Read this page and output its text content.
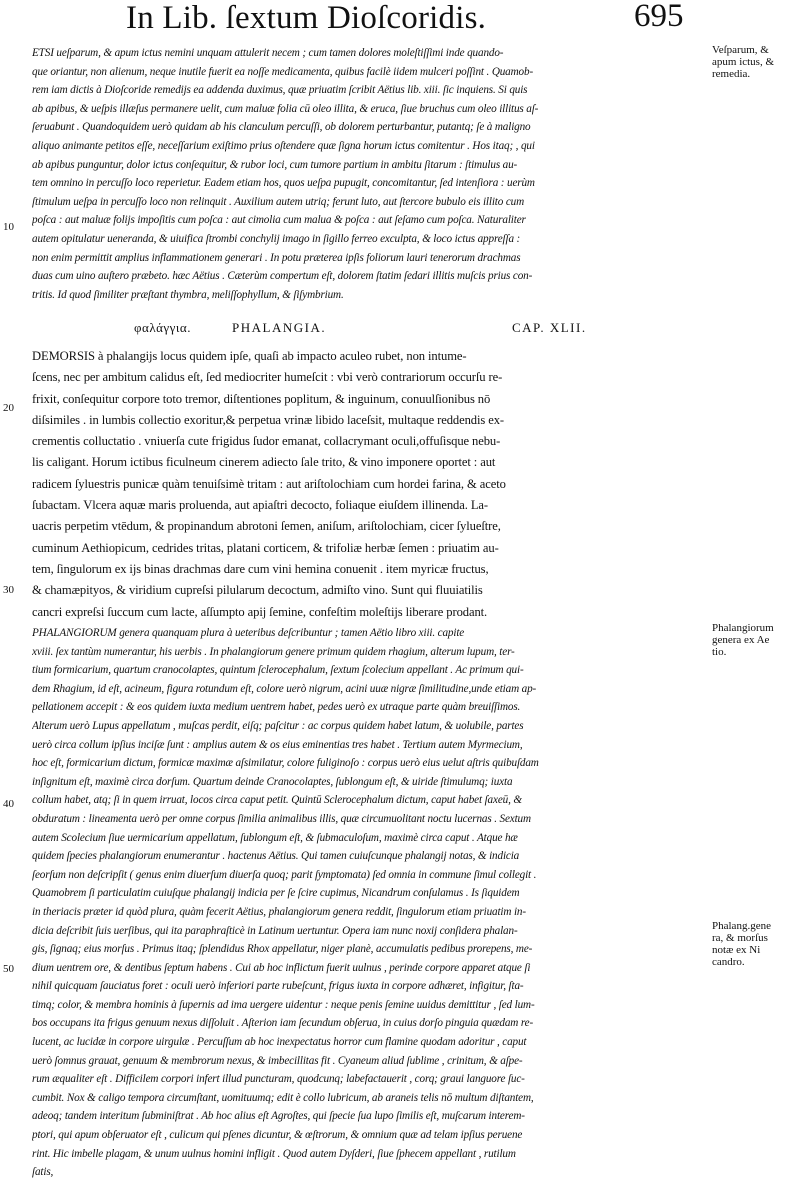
In Lib. ſextum Dioſcoridis.	695
Veſparum, &
apum ictus, &
remedia.
Phalangiorum
genera ex Ae
tio.
Phalang.gene
ra, & morſus
notæ ex Ni
candro.
10
20
30
40
50
ETSI ueſparum, & apum ictus nemini unquam attulerit necem ; cum tamen dolores moleſtiſſimi inde quando-
que oriantur, non alienum, neque inutile fuerit ea noſſe medicamenta, quibus facilè iidem mulceri poſſint . Quamob-
rem iam dictis à Dioſcoride remedijs ea addenda duximus, quæ priuatim ſcribit Aëtius lib. xiii. ſic inquiens. Si quis
ab apibus, & ueſpis illæſus permanere uelit, cum maluæ folia cū oleo illita, & eruca, ſiue bruchus cum oleo illitus aſ-
ſeruabunt . Quandoquidem uerò quidam ab his clanculum percuſſi, ob dolorem perturbantur, putantq; ſe à maligno
aliquo animante petitos eſſe, neceſſarium exiſtimo prius oſtendere quæ ſigna horum ictus comitentur . Hos itaq; , qui
ab apibus punguntur, dolor ictus conſequitur, & rubor loci, cum tumore partium in ambitu ſitarum : ſtimulus au-
tem omnino in percuſſo loco reperietur. Eadem etiam hos, quos ueſpa pupugit, concomitantur, ſed intenſiora : uerùm
ſtimulum ueſpa in percuſſo loco non relinquit . Auxilium autem utriq; ferunt luto, aut ſtercore bubulo eis illito cum
poſca : aut maluæ folijs impoſitis cum poſca : aut cimolia cum malua & poſca : aut ſeſamo cum poſca. Naturaliter
autem opitulatur ueneranda, & uiuifica ſtrombi conchylij imago in ſigillo ferreo exculpta, & loco ictus appreſſa :
non enim permittit amplius inflammationem generari . In potu præterea ipſis foliorum lauri tenerorum drachmas
duas cum uino auſtero præbeto. hæc Aëtius . Cæterùm compertum eſt, dolorem ſtatim ſedari illitis muſcis prius con-
tritis. Id quod ſimiliter præſtant thymbra, meliſſophyllum, & ſiſymbrium.
φαλάγγια.	PHALANGIA.	CAP. XLII.
DEMORSIS à phalangijs locus quidem ipſe, quaſi ab impacto aculeo rubet, non intume-
ſcens, nec per ambitum calidus eſt, ſed mediocriter humeſcit : vbi verò contrariorum occurſu re-
frixit, conſequitur corpore toto tremor, diſtentiones poplitum, & inguinum, conuulſionibus nō
diſsimiles . in lumbis collectio exoritur,& perpetua vrinæ libido laceſsit, multaque reddendis ex-
crementis colluctatio . vniuerſa cute frigidus ſudor emanat, collacrymant oculi,offuſisque nebu-
lis caligant. Horum ictibus ficulneum cinerem adiecto ſale trito, & vino imponere oportet : aut
radicem ſyluestris punicæ quàm tenuiſsimè tritam : aut ariſtolochiam cum hordei farina, & aceto
ſubactam. Vlcera aquæ maris proluenda, aut apiaſtri decocto, foliaque eiuſdem illinenda. La-
uacris perpetim vtēdum, & propinandum abrotoni ſemen, aniſum, ariſtolochiam, cicer ſylueſtre,
cuminum Aethiopicum, cedrides tritas, platani corticem, & trifoliæ herbæ ſemen : priuatim au-
tem, ſingulorum ex ijs binas drachmas dare cum vini hemina conuenit . item myricæ fructus,
& chamæpityos, & viridium cupreſsi pilularum decoctum, admiſto vino. Sunt qui fluuiatilis
cancri expreſsi ſuccum cum lacte, aſſumpto apij ſemine, confeſtim moleſtijs liberare prodant.
PHALANGIORUM genera quanquam plura à ueteribus deſcribuntur ; tamen Aëtio libro xiii. capite
xviii. ſex tantùm numerantur, his uerbis . In phalangiorum genere primum quidem rhagium, alterum lupum, ter-
tium formicarium, quartum cranocolaptes, quintum ſclerocephalum, ſextum ſcolecium appellant . Ac primum qui-
dem Rhagium, id eſt, acineum, figura rotundum eſt, colore uerò nigrum, acini uuæ nigræ ſimilitudine,unde etiam ap-
pellationem accepit : & eos quidem iuxta medium uentrem habet, pedes uerò ex utraque parte quàm breuiſſimos.
Alterum uerò Lupus appellatum , muſcas perdit, eiſq; paſcitur : ac corpus quidem habet latum, & uolubile, partes
uerò circa collum ipſius inciſæ ſunt : amplius autem & os eius eminentias tres habet . Tertium autem Myrmecium,
hoc eſt, formicarium dictum, formicæ maximæ aſsimilatur, colore fuliginoſo : corpus uerò eius uelut aſtris quibuſdam
inſignitum eſt, maximè circa dorſum. Quartum deinde Cranocolaptes, ſublongum eſt, & uiride ſtimulumq; iuxta
collum habet, atq; ſi in quem irruat, locos circa caput petit. Quintū Sclerocephalum dictum, caput habet ſaxeū, &
obduratum : lineamenta uerò per omne corpus ſimilia animalibus illis, quæ circumuolitant noctu lucernas . Sextum
autem Scolecium ſiue uermicarium appellatum, ſublongum eſt, & ſubmaculoſum, maximè circa caput . Atque hæ
quidem ſpecies phalangiorum enumerantur . hactenus Aëtius. Qui tamen cuiuſcunque phalangij notas, & indicia
ſeorſum non deſcripſit ( genus enim diuerſum diuerſa quoq; parit ſymptomata) ſed omnia in commune ſimul collegit .
Quamobrem ſi particulatim cuiuſque phalangij indicia per ſe ſcire cupimus, Nicandrum conſulamus . Is ſiquidem
in theriacis præter id quòd plura, quàm fecerit Aëtius, phalangiorum genera reddit, ſingulorum etiam priuatim in-
dicia deſcribit ſuis uerſibus, qui ita paraphraſticè in Latinum uertuntur. Opera iam nunc noxij conſidera phalan-
gis, ſignaq; eius morſus . Primus itaq; ſplendidus Rhox appellatur, niger planè, accumulatis pedibus prorepens, me-
dium uentrem ore, & dentibus ſeptum habens . Cui ab hoc inflictum fuerit uulnus , perinde corpore apparet atque ſi
nihil quicquam ſauciatus foret : oculi uerò inferiori parte rubeſcunt, frigus iuxta in corpore adhæret, infigitur, ſta-
timq; color, & membra hominis à ſupernis ad ima uergere uidentur : neque penis ſemine uuidus demittitur , ſed lum-
bos occupans ita frigus genuum nexus diſſoluit . Aſterion iam ſecundum obſerua, in cuius dorſo pinguia quædam re-
lucent, ac lucidæ in corpore uirgulæ . Percuſſum ab hoc inexpectatus horror cum flamine quodam adoritur , caput
uerò ſomnus grauat, genuum & membrorum nexus, & imbecillitas fit . Cyaneum aliud ſublime , crinitum, & aſpe-
rum æqualiter eſt . Difficilem corpori infert illud puncturam, quodcunq; labefactauerit , corq; graui languore ſuc-
cumbit. Nox & caligo tempora circumſtant, uomituumq; edit è collo lubricum, ab araneis telis nō multum diſtantem,
adeoq; tandem interitum ſubminiſtrat . Ab hoc alius eſt Agroſtes, qui ſpecie ſua lupo ſimilis eſt, muſcarum interem-
ptori, qui apum obſeruator eſt , culicum qui pſenes dicuntur, & œſtrorum, & omnium quæ ad telam ipſius peruene
rint. Hic imbelle plagam, & unum uulnus homini infligit . Quod autem Dyſderi, ſiue ſphecem appellant , rutilum
ſatis,
